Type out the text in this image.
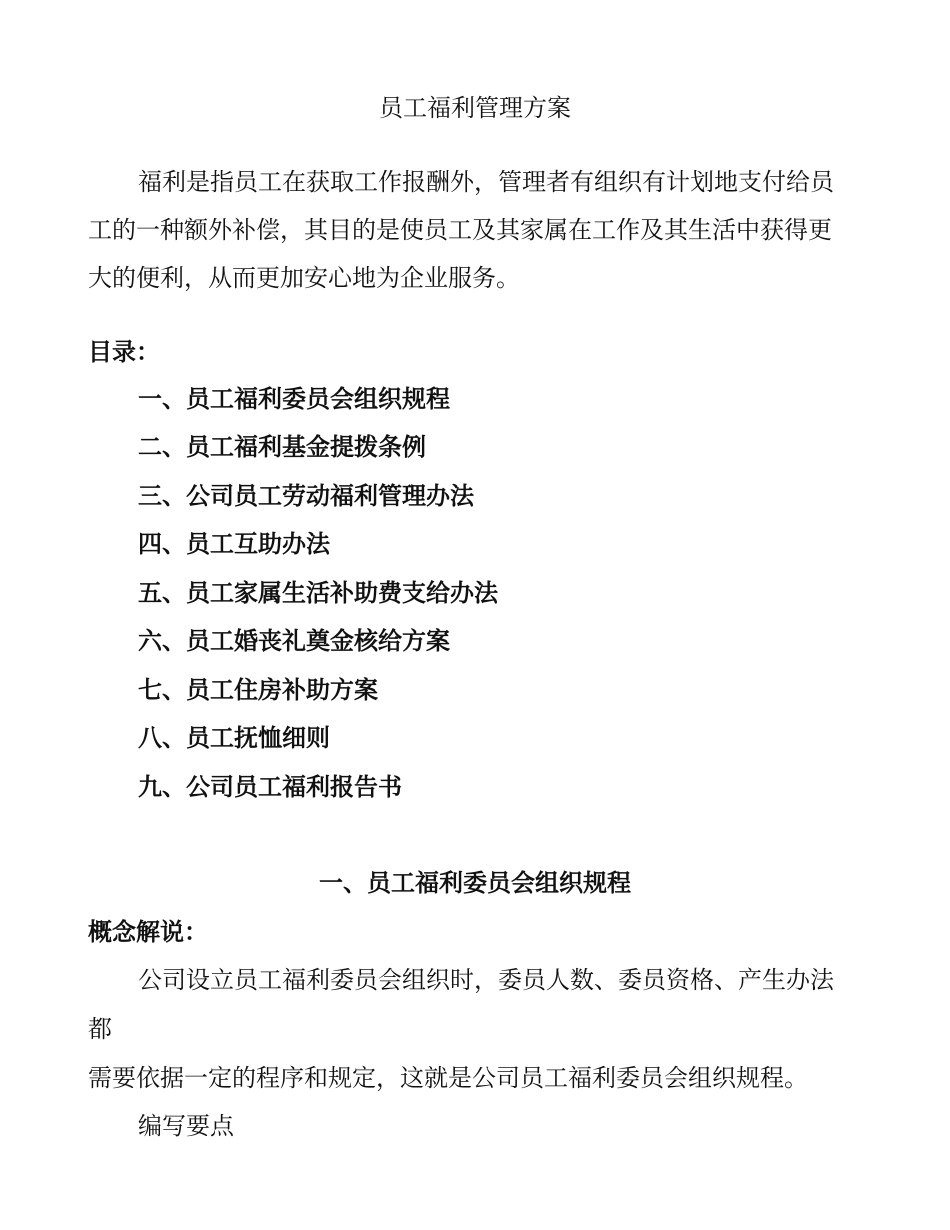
员工福利管理方案
福利是指员工在获取工作报酬外，管理者有组织有计划地支付给员
工的一种额外补偿，其目的是使员工及其家属在工作及其生活中获得更
大的便利，从而更加安心地为企业服务。
目录：
一、员工福利委员会组织规程
二、员工福利基金提拨条例
三、公司员工劳动福利管理办法
四、员工互助办法
五、员工家属生活补助费支给办法
六、员工婚丧礼奠金核给方案
七、员工住房补助方案
八、员工抚恤细则
九、公司员工福利报告书
一、员工福利委员会组织规程
概念解说：
公司设立员工福利委员会组织时，委员人数、委员资格、产生办法
都
需要依据一定的程序和规定，这就是公司员工福利委员会组织规程。
编写要点
